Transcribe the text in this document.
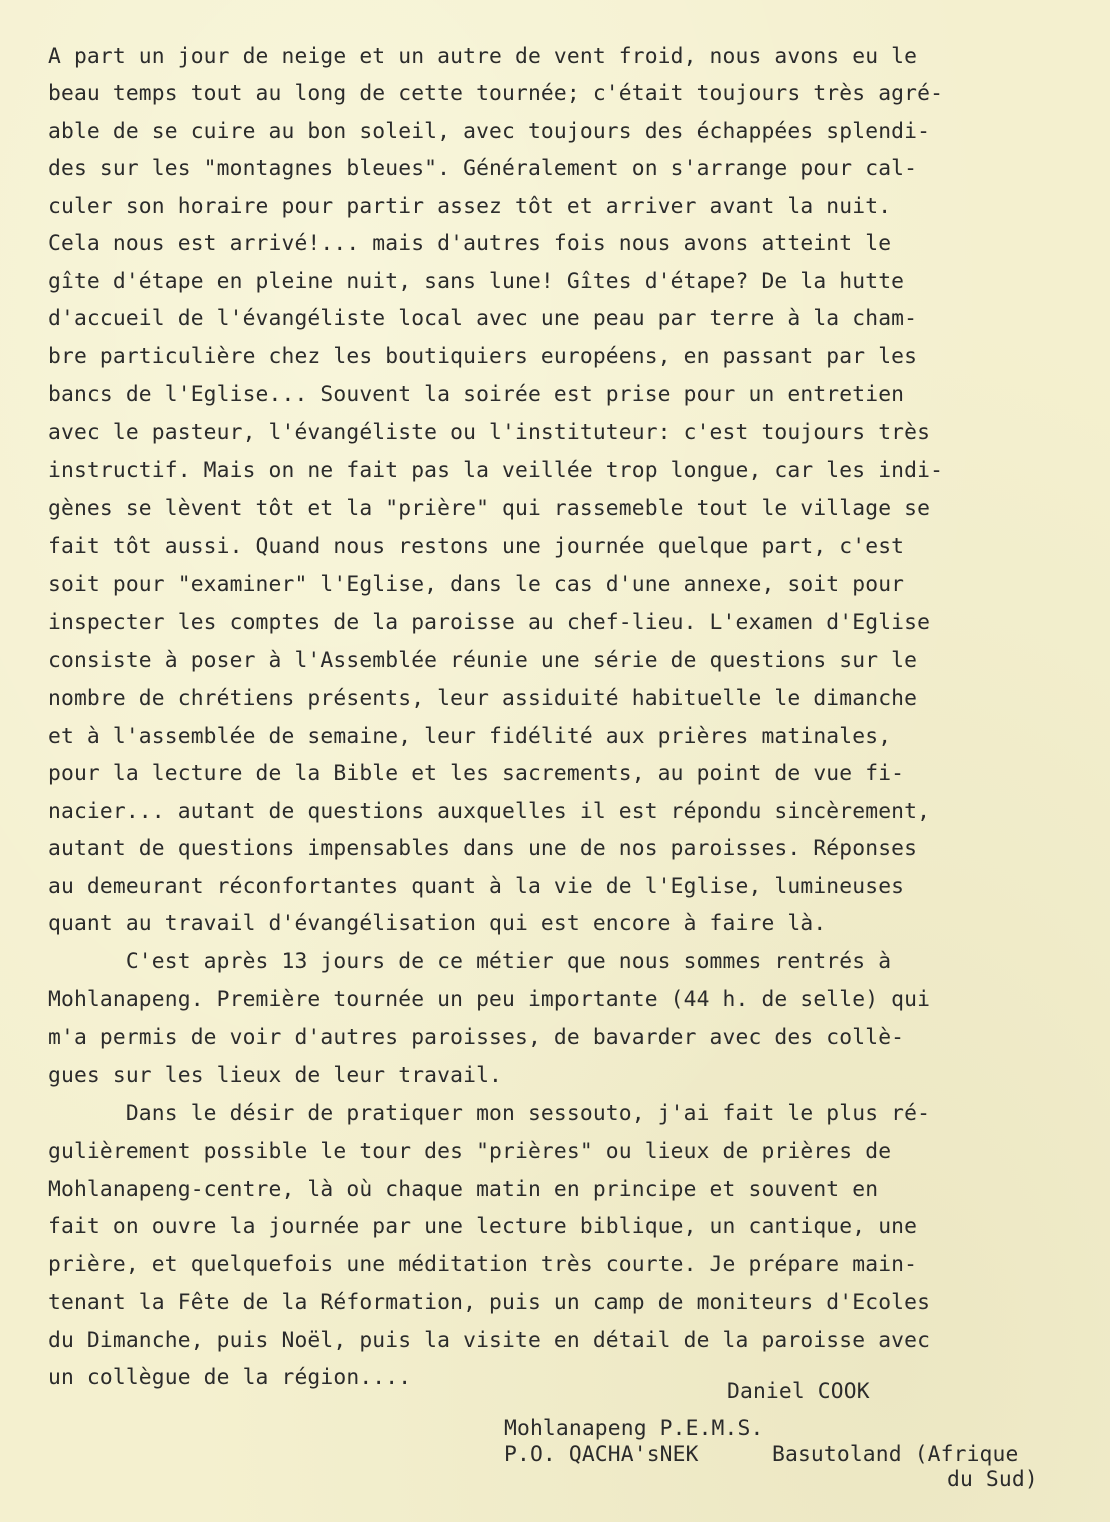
A part un jour de neige et un autre de vent froid, nous avons eu le
beau temps tout au long de cette tournée; c'était toujours très agré-
able de se cuire au bon soleil, avec toujours des échappées splendi-
des sur les "montagnes bleues". Généralement on s'arrange pour cal-
culer son horaire pour partir assez tôt et arriver avant la nuit.
Cela nous est arrivé!... mais d'autres fois nous avons atteint le
gîte d'étape en pleine nuit, sans lune! Gîtes d'étape? De la hutte
d'accueil de l'évangéliste local avec une peau par terre à la cham-
bre particulière chez les boutiquiers européens, en passant par les
bancs de l'Eglise... Souvent la soirée est prise pour un entretien
avec le pasteur, l'évangéliste ou l'instituteur: c'est toujours très
instructif. Mais on ne fait pas la veillée trop longue, car les indi-
gènes se lèvent tôt et la "prière" qui rassemeble tout le village se
fait tôt aussi. Quand nous restons une journée quelque part, c'est
soit pour "examiner" l'Eglise, dans le cas d'une annexe, soit pour
inspecter les comptes de la paroisse au chef-lieu. L'examen d'Eglise
consiste à poser à l'Assemblée réunie une série de questions sur le
nombre de chrétiens présents, leur assiduité habituelle le dimanche
et à l'assemblée de semaine, leur fidélité aux prières matinales,
pour la lecture de la Bible et les sacrements, au point de vue fi-
nacier... autant de questions auxquelles il est répondu sincèrement,
autant de questions impensables dans une de nos paroisses. Réponses
au demeurant réconfortantes quant à la vie de l'Eglise, lumineuses
quant au travail d'évangélisation qui est encore à faire là.
C'est après 13 jours de ce métier que nous sommes rentrés à
Mohlanapeng. Première tournée un peu importante (44 h. de selle) qui
m'a permis de voir d'autres paroisses, de bavarder avec des collè-
gues sur les lieux de leur travail.
Dans le désir de pratiquer mon sessouto, j'ai fait le plus ré-
gulièrement possible le tour des "prières" ou lieux de prières de
Mohlanapeng-centre, là où chaque matin en principe et souvent en
fait on ouvre la journée par une lecture biblique, un cantique, une
prière, et quelquefois une méditation très courte. Je prépare main-
tenant la Fête de la Réformation, puis un camp de moniteurs d'Ecoles
du Dimanche, puis Noël, puis la visite en détail de la paroisse avec
un collègue de la région....
Daniel COOK
Mohlanapeng P.E.M.S.
P.O. QACHA'sNEK	Basutoland (Afrique
du Sud)
